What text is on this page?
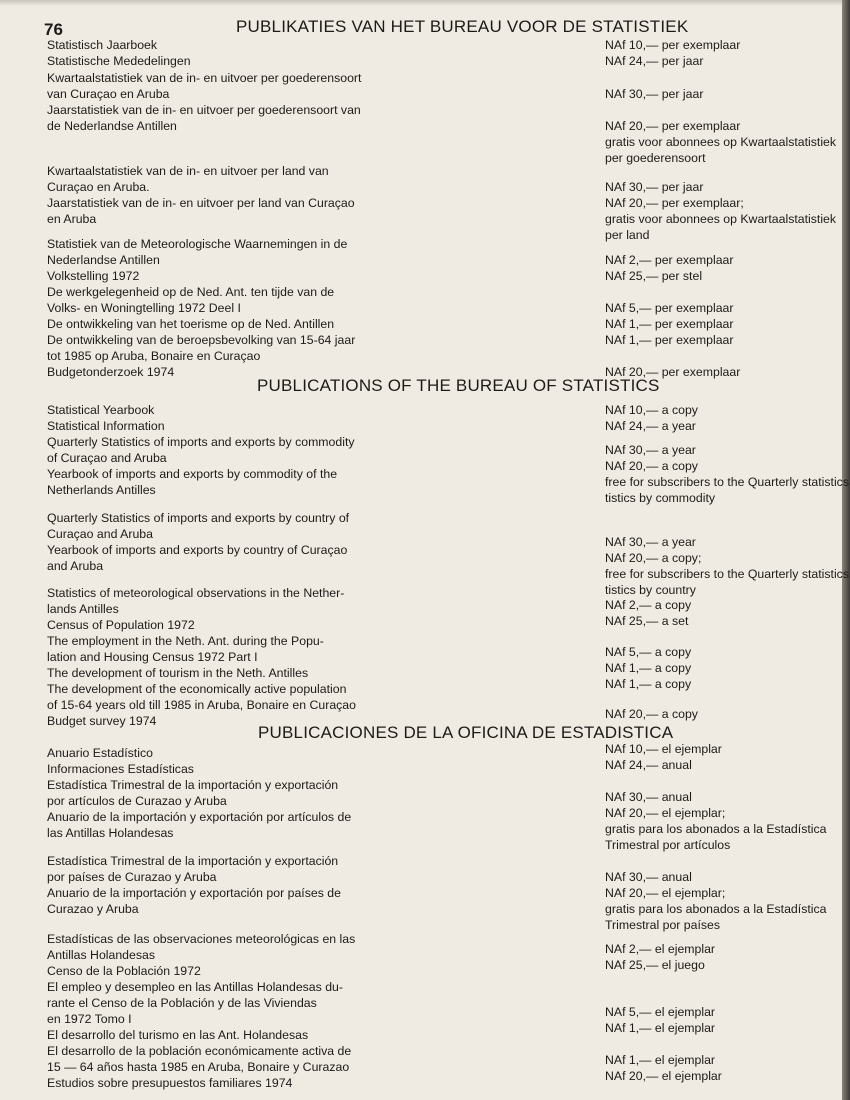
76	PUBLIKATIES VAN HET BUREAU VOOR DE STATISTIEK
PUBLICATIONS OF THE BUREAU OF STATISTICS
PUBLICACIONES DE LA OFICINA DE ESTADISTICA
Statistisch Jaarboek
Statistische Mededelingen
Kwartaalstatistiek van de in- en uitvoer per goederensoort
van Curaçao en Aruba
Jaarstatistiek van de in- en uitvoer per goederensoort van
de Nederlandse Antillen
Kwartaalstatistiek van de in- en uitvoer per land van
Curaçao en Aruba.
Jaarstatistiek van de in- en uitvoer per land van Curaçao
en Aruba
Statistiek van de Meteorologische Waarnemingen in de
Nederlandse Antillen
Volkstelling 1972
De werkgelegenheid op de Ned. Ant. ten tijde van de
Volks- en Woningtelling 1972 Deel I
De ontwikkeling van het toerisme op de Ned. Antillen
De ontwikkeling van de beroepsbevolking van 15-64 jaar
tot 1985 op Aruba, Bonaire en Curaçao
Budgetonderzoek 1974
NAf 10,— per exemplaar
NAf 24,— per jaar
NAf 30,— per jaar
NAf 20,— per exemplaar
gratis voor abonnees op Kwartaalstatistiek
per goederensoort
NAf 30,— per jaar
NAf 20,— per exemplaar;
gratis voor abonnees op Kwartaalstatistiek
per land
NAf 2,— per exemplaar
NAf 25,— per stel
NAf 5,— per exemplaar
NAf 1,— per exemplaar
NAf 1,— per exemplaar
NAf 20,— per exemplaar
Statistical Yearbook
Statistical Information
Quarterly Statistics of imports and exports by commodity
of Curaçao and Aruba
Yearbook of imports and exports by commodity of the
Netherlands Antilles
Quarterly Statistics of imports and exports by country of
Curaçao and Aruba
Yearbook of imports and exports by country of Curaçao
and Aruba
Statistics of meteorological observations in the Nether-
lands Antilles
Census of Population 1972
The employment in the Neth. Ant. during the Popu-
lation and Housing Census 1972 Part I
The development of tourism in the Neth. Antilles
The development of the economically active population
of 15-64 years old till 1985 in Aruba, Bonaire en Curaçao
Budget survey 1974
NAf 10,— a copy
NAf 24,— a year
NAf 30,— a year
NAf 20,— a copy
free for subscribers to the Quarterly statistics
tistics by commodity
NAf 30,— a year
NAf 20,— a copy;
free for subscribers to the Quarterly statistics
tistics by country
NAf 2,— a copy
NAf 25,— a set
NAf 5,— a copy
NAf 1,— a copy
NAf 1,— a copy
NAf 20,— a copy
Anuario Estadístico
Informaciones Estadísticas
Estadística Trimestral de la importación y exportación
por artículos de Curazao y Aruba
Anuario de la importación y exportación por artículos de
las Antillas Holandesas
Estadística Trimestral de la importación y exportación
por países de Curazao y Aruba
Anuario de la importación y exportación por países de
Curazao y Aruba
Estadísticas de las observaciones meteorológicas en las
Antillas Holandesas
Censo de la Población 1972
El empleo y desempleo en las Antillas Holandesas du-
rante el Censo de la Población y de las Viviendas
en 1972 Tomo I
El desarrollo del turismo en las Ant. Holandesas
El desarrollo de la población económicamente activa de
15 — 64 años hasta 1985 en Aruba, Bonaire y Curazao
Estudios sobre presupuestos familiares 1974
NAf 10,— el ejemplar
NAf 24,— anual
NAf 30,— anual
NAf 20,— el ejemplar;
gratis para los abonados a la Estadística
Trimestral por artículos
NAf 30,— anual
NAf 20,— el ejemplar;
gratis para los abonados a la Estadística
Trimestral por países
NAf 2,— el ejemplar
NAf 25,— el juego
NAf 5,— el ejemplar
NAf 1,— el ejemplar
NAf 1,— el ejemplar
NAf 20,— el ejemplar
